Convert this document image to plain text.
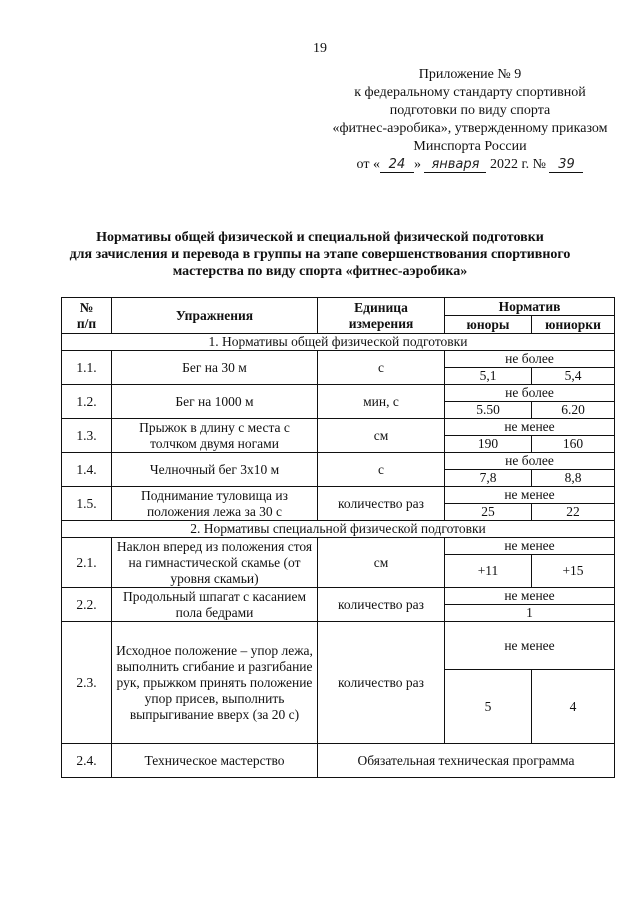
19
Приложение № 9
к федеральному стандарту спортивной
подготовки по виду спорта
«фитнес-аэробика», утвержденному приказом
Минспорта России
от « 24 » января 2022 г. № 39
Нормативы общей физической и специальной физической подготовки
для зачисления и перевода в группы на этапе совершенствования спортивного
мастерства по виду спорта «фитнес-аэробика»
№
п/п	Упражнения	Единица
измерения	Норматив	
			юноры	юниорки
1. Нормативы общей физической подготовки				
1.1.	Бег на 30 м	с	не более	
			5,1	5,4
1.2.	Бег на 1000 м	мин, с	не более	
			5.50	6.20
1.3.	Прыжок в длину с места с толчком двумя ногами	см	не менее	
			190	160
1.4.	Челночный бег 3х10 м	с	не более	
			7,8	8,8
1.5.	Поднимание туловища из положения лежа за 30 с	количество раз	не менее	
			25	22
2. Нормативы специальной физической подготовки				
2.1.	Наклон вперед из положения стоя на гимнастической скамье (от уровня скамьи)	см	не менее	
			+11	+15
2.2.	Продольный шпагат с касанием пола бедрами	количество раз	не менее	
			1	
2.3.	Исходное положение – упор лежа, выполнить сгибание и разгибание рук, прыжком принять положение упор присев, выполнить выпрыгивание вверх (за 20 с)	количество раз	не менее	
			5	4
2.4.	Техническое мастерство	Обязательная техническая программа		
